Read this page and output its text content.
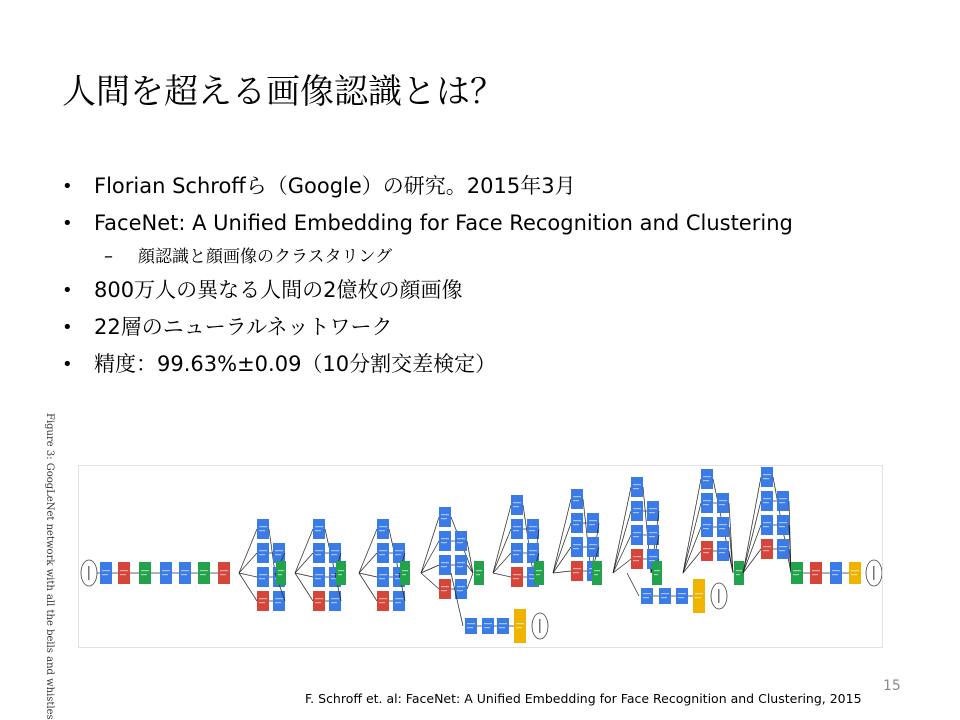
人間を超える画像認識とは？
• Florian Schroffら（Google）の研究。2015年3月
• FaceNet: A Unified Embedding for Face Recognition and Clustering
– 顔認識と顔画像のクラスタリング
• 800万人の異なる人間の2億枚の顔画像
• 22層のニューラルネットワーク
• 精度：99.63%±0.09（10分割交差検定）
Figure 3: GoogLeNet network with all the bells and whistles	15
F. Schroff et. al: FaceNet: A Unified Embedding for Face Recognition and Clustering, 2015
